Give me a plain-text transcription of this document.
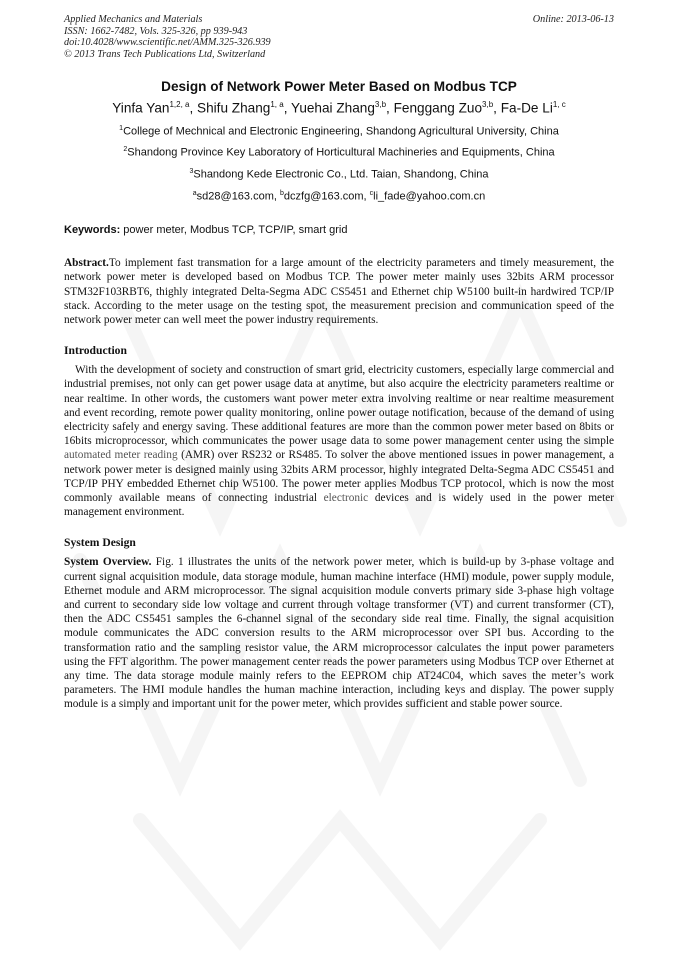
Applied Mechanics and Materials
ISSN: 1662-7482, Vols. 325-326, pp 939-943
doi:10.4028/www.scientific.net/AMM.325-326.939
© 2013 Trans Tech Publications Ltd, Switzerland
Online: 2013-06-13
Design of Network Power Meter Based on Modbus TCP
Yinfa Yan$^{1,2, a}$, Shifu Zhang$^{1, a}$, Yuehai Zhang$^{3,b}$, Fenggang Zuo$^{3,b}$, Fa-De Li$^{1, c}$
$^1$College of Mechnical and Electronic Engineering, Shandong Agricultural University, China
$^2$Shandong Province Key Laboratory of Horticultural Machineries and Equipments, China
$^3$Shandong Kede Electronic Co., Ltd. Taian, Shandong, China
$^a$sd28@163.com, $^b$dczfg@163.com, $^c$li_fade@yahoo.com.cn
Keywords: power meter, Modbus TCP, TCP/IP, smart grid
Abstract.To implement fast transmation for a large amount of the electricity parameters and timely measurement, the network power meter is developed based on Modbus TCP. The power meter mainly uses 32bits ARM processor STM32F103RBT6, thighly integrated Delta-Segma ADC CS5451 and Ethernet chip W5100 built-in hardwired TCP/IP stack. According to the meter usage on the testing spot, the measurement precision and communication speed of the network power meter can well meet the power industry requirements.
Introduction
With the development of society and construction of smart grid, electricity customers, especially large commercial and industrial premises, not only can get power usage data at anytime, but also acquire the electricity parameters realtime or near realtime. In other words, the customers want power meter extra involving realtime or near realtime measurement and event recording, remote power quality monitoring, online power outage notification, because of the demand of using electricity safely and energy saving. These additional features are more than the common power meter based on 8bits or 16bits microprocessor, which communicates the power usage data to some power management center using the simple automated meter reading (AMR) over RS232 or RS485. To solver the above mentioned issues in power management, a network power meter is designed mainly using 32bits ARM processor, highly integrated Delta-Segma ADC CS5451 and TCP/IP PHY embedded Ethernet chip W5100. The power meter applies Modbus TCP protocol, which is now the most commonly available means of connecting industrial electronic devices and is widely used in the power meter management environment.
System Design
System Overview. Fig. 1 illustrates the units of the network power meter, which is build-up by 3-phase voltage and current signal acquisition module, data storage module, human machine interface (HMI) module, power supply module, Ethernet module and ARM microprocessor. The signal acquisition module converts primary side 3-phase high voltage and current to secondary side low voltage and current through voltage transformer (VT) and current transformer (CT), then the ADC CS5451 samples the 6-channel signal of the secondary side real time. Finally, the signal acquisition module communicates the ADC conversion results to the ARM microprocessor over SPI bus. According to the transformation ratio and the sampling resistor value, the ARM microprocessor calculates the input power parameters using the FFT algorithm. The power management center reads the power parameters using Modbus TCP over Ethernet at any time. The data storage module mainly refers to the EEPROM chip AT24C04, which saves the meter’s work parameters. The HMI module handles the human machine interaction, including keys and display. The power supply module is a simply and important unit for the power meter, which provides sufficient and stable power source.
